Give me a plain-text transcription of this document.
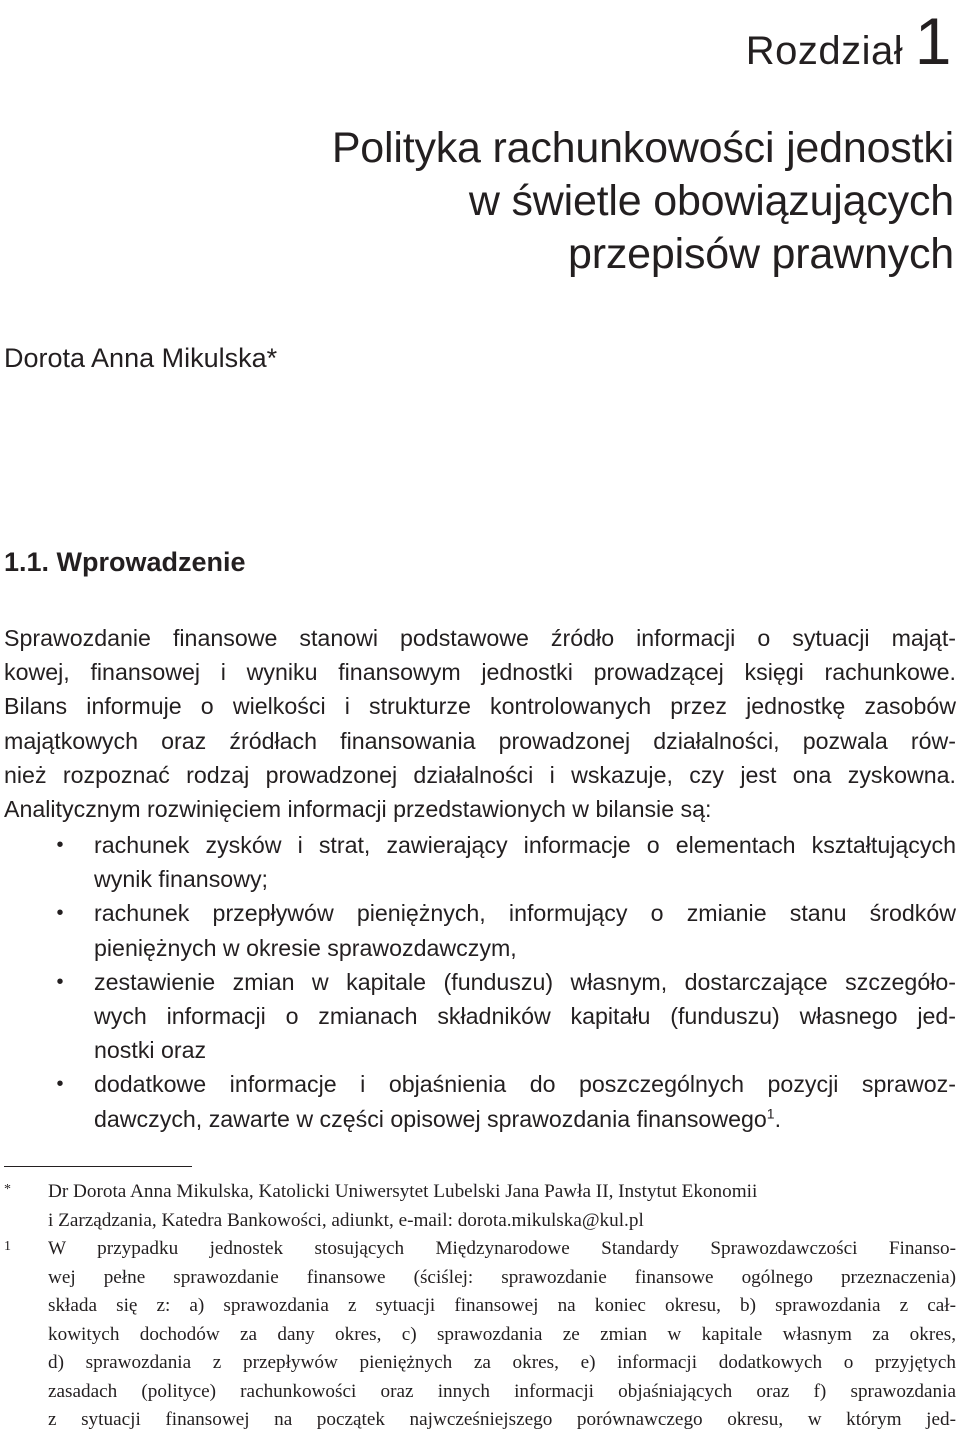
Rozdział 1
Polityka rachunkowości jednostki
w świetle obowiązujących
przepisów prawnych
Dorota Anna Mikulska*
1.1. Wprowadzenie
Sprawozdanie finansowe stanowi podstawowe źródło informacji o sytuacji mająt-
kowej, finansowej i wyniku finansowym jednostki prowadzącej księgi rachunkowe.
Bilans informuje o wielkości i strukturze kontrolowanych przez jednostkę zasobów
majątkowych oraz źródłach finansowania prowadzonej działalności, pozwala rów-
nież rozpoznać rodzaj prowadzonej działalności i wskazuje, czy jest ona zyskowna.
Analitycznym rozwinięciem informacji przedstawionych w bilansie są:
• rachunek zysków i strat, zawierający informacje o elementach kształtujących
wynik finansowy;
• rachunek przepływów pieniężnych, informujący o zmianie stanu środków
pieniężnych w okresie sprawozdawczym,
• zestawienie zmian w kapitale (funduszu) własnym, dostarczające szczegóło-
wych informacji o zmianach składników kapitału (funduszu) własnego jed-
nostki oraz
• dodatkowe informacje i objaśnienia do poszczególnych pozycji sprawoz-
dawczych, zawarte w części opisowej sprawozdania finansowego$^1$.
* Dr Dorota Anna Mikulska, Katolicki Uniwersytet Lubelski Jana Pawła II, Instytut Ekonomii
i Zarządzania, Katedra Bankowości, adiunkt, e-mail: dorota.mikulska@kul.pl
1 W przypadku jednostek stosujących Międzynarodowe Standardy Sprawozdawczości Finanso-
wej pełne sprawozdanie finansowe (ściślej: sprawozdanie finansowe ogólnego przeznaczenia)
składa się z: a) sprawozdania z sytuacji finansowej na koniec okresu, b) sprawozdania z cał-
kowitych dochodów za dany okres, c) sprawozdania ze zmian w kapitale własnym za okres,
d) sprawozdania z przepływów pieniężnych za okres, e) informacji dodatkowych o przyjętych
zasadach (polityce) rachunkowości oraz innych informacji objaśniających oraz f) sprawozdania
z sytuacji finansowej na początek najwcześniejszego porównawczego okresu, w którym jed-
